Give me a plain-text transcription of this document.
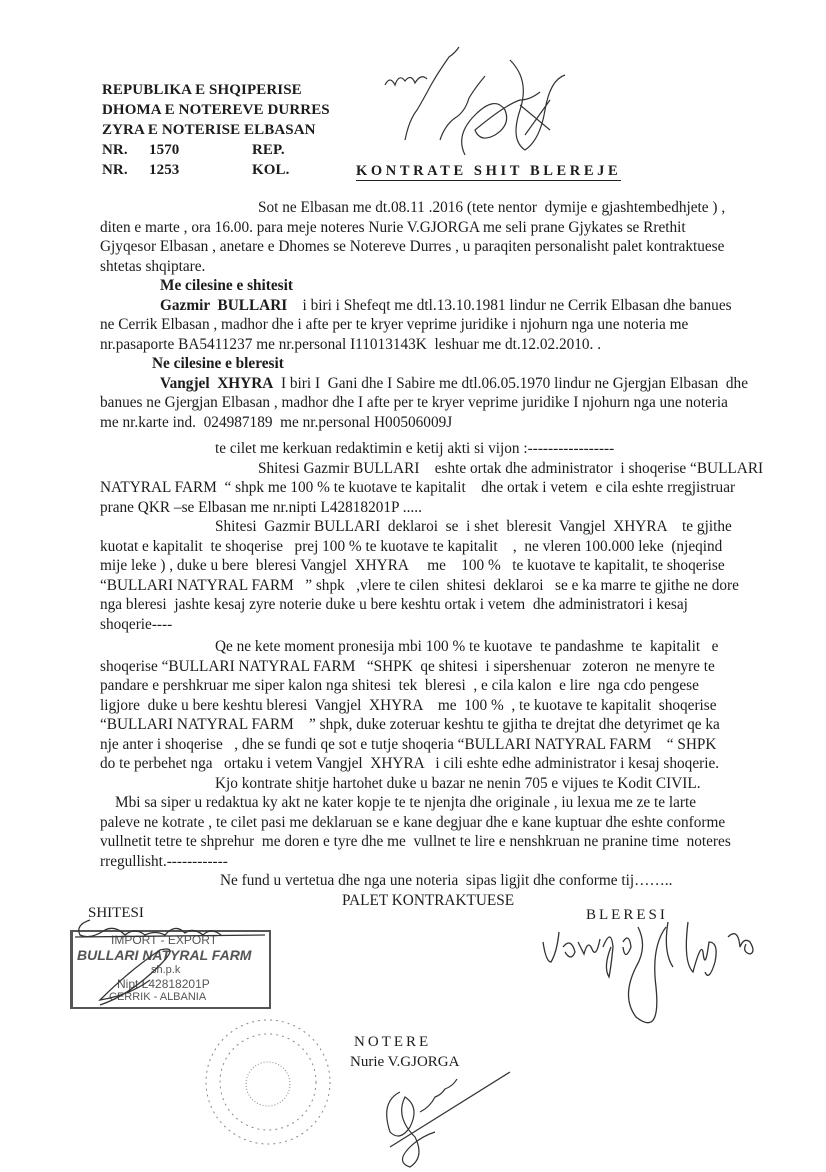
REPUBLIKA E SHQIPERISE
DHOMA E NOTEREVE DURRES
ZYRA E NOTERISE ELBASAN
NR. 1570	REP.
NR. 1253	KOL.	KONTRATE SHIT BLEREJE
Sot ne Elbasan me dt.08.11 .2016 (tete nentor  dymije e gjashtembedhjete ) ,
diten e marte , ora 16.00. para meje noteres Nurie V.GJORGA me seli prane Gjykates se Rrethit
Gjyqesor Elbasan , anetare e Dhomes se Notereve Durres , u paraqiten personalisht palet kontraktuese
shtetas shqiptare.
Me cilesine e shitesit
Gazmir  BULLARI    i biri i Shefeqt me dtl.13.10.1981 lindur ne Cerrik Elbasan dhe banues
ne Cerrik Elbasan , madhor dhe i afte per te kryer veprime juridike i njohurn nga une noteria me
nr.pasaporte BA5411237 me nr.personal I11013143K  leshuar me dt.12.02.2010. .
Ne cilesine e bleresit
Vangjel  XHYRA  I biri I  Gani dhe I Sabire me dtl.06.05.1970 lindur ne Gjergjan Elbasan  dhe
banues ne Gjergjan Elbasan , madhor dhe I afte per te kryer veprime juridike I njohurn nga une noteria
me nr.karte ind.  024987189  me nr.personal H00506009J
te cilet me kerkuan redaktimin e ketij akti si vijon :-----------------
Shitesi Gazmir BULLARI    eshte ortak dhe administrator  i shoqerise “BULLARI
NATYRAL FARM  “ shpk me 100 % te kuotave te kapitalit    dhe ortak i vetem  e cila eshte rregjistruar
prane QKR –se Elbasan me nr.nipti L42818201P .....
Shitesi  Gazmir BULLARI  deklaroi  se  i shet  bleresit  Vangjel  XHYRA    te gjithe
kuotat e kapitalit  te shoqerise   prej 100 % te kuotave te kapitalit    ,  ne vleren 100.000 leke  (njeqind
mije leke ) , duke u bere  bleresi Vangjel  XHYRA     me    100 %   te kuotave te kapitalit, te shoqerise
“BULLARI NATYRAL FARM   ” shpk   ,vlere te cilen  shitesi  deklaroi   se e ka marre te gjithe ne dore
nga bleresi  jashte kesaj zyre noterie duke u bere keshtu ortak i vetem  dhe administratori i kesaj
shoqerie----
Qe ne kete moment pronesija mbi 100 % te kuotave  te pandashme  te  kapitalit   e
shoqerise “BULLARI NATYRAL FARM   “SHPK  qe shitesi  i sipershenuar   zoteron  ne menyre te
pandare e pershkruar me siper kalon nga shitesi  tek  bleresi  , e cila kalon  e lire  nga cdo pengese
ligjore  duke u bere keshtu bleresi  Vangjel  XHYRA    me  100 %  , te kuotave te kapitalit  shoqerise
“BULLARI NATYRAL FARM    ” shpk, duke zoteruar keshtu te gjitha te drejtat dhe detyrimet qe ka
nje anter i shoqerise   , dhe se fundi qe sot e tutje shoqeria “BULLARI NATYRAL FARM    “ SHPK
do te perbehet nga   ortaku i vetem Vangjel  XHYRA   i cili eshte edhe administrator i kesaj shoqerie.
Kjo kontrate shitje hartohet duke u bazar ne nenin 705 e vijues te Kodit CIVIL.
Mbi sa siper u redaktua ky akt ne kater kopje te te njenjta dhe originale , iu lexua me ze te larte
paleve ne kotrate , te cilet pasi me deklaruan se e kane degjuar dhe e kane kuptuar dhe eshte conforme
vullnetit tetre te shprehur  me doren e tyre dhe me  vullnet te lire e nenshkruan ne pranine time  noteres
rregullisht.------------
Ne fund u vertetua dhe nga une noteria  sipas ligjit dhe conforme tij……..
PALET KONTRAKTUESE
SHITESI	BLERESI
NOTERE
Nurie V.GJORGA
IMPORT - EXPORT
BULLARI NATYRAL FARM
sh.p.k
Nipt L42818201P
CERRIK - ALBANIA
